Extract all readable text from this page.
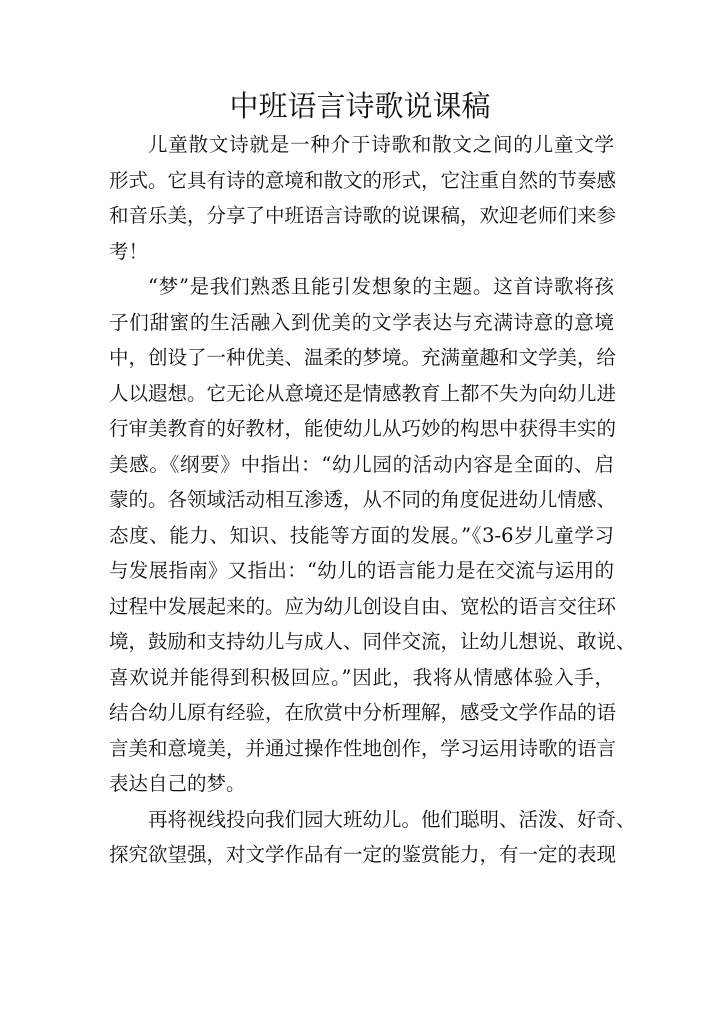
中班语言诗歌说课稿
儿童散文诗就是一种介于诗歌和散文之间的儿童文学
形式。它具有诗的意境和散文的形式，它注重自然的节奏感
和音乐美，分享了中班语言诗歌的说课稿，欢迎老师们来参
考！
“梦”是我们熟悉且能引发想象的主题。这首诗歌将孩
子们甜蜜的生活融入到优美的文学表达与充满诗意的意境
中，创设了一种优美、温柔的梦境。充满童趣和文学美，给
人以遐想。它无论从意境还是情感教育上都不失为向幼儿进
行审美教育的好教材，能使幼儿从巧妙的构思中获得丰实的
美感。《纲要》中指出：“幼儿园的活动内容是全面的、启
蒙的。各领域活动相互渗透，从不同的角度促进幼儿情感、
态度、能力、知识、技能等方面的发展。”《3-6岁儿童学习
与发展指南》又指出：“幼儿的语言能力是在交流与运用的
过程中发展起来的。应为幼儿创设自由、宽松的语言交往环
境，鼓励和支持幼儿与成人、同伴交流，让幼儿想说、敢说、
喜欢说并能得到积极回应。”因此，我将从情感体验入手，
结合幼儿原有经验，在欣赏中分析理解，感受文学作品的语
言美和意境美，并通过操作性地创作，学习运用诗歌的语言
表达自己的梦。
再将视线投向我们园大班幼儿。他们聪明、活泼、好奇、
探究欲望强，对文学作品有一定的鉴赏能力，有一定的表现
